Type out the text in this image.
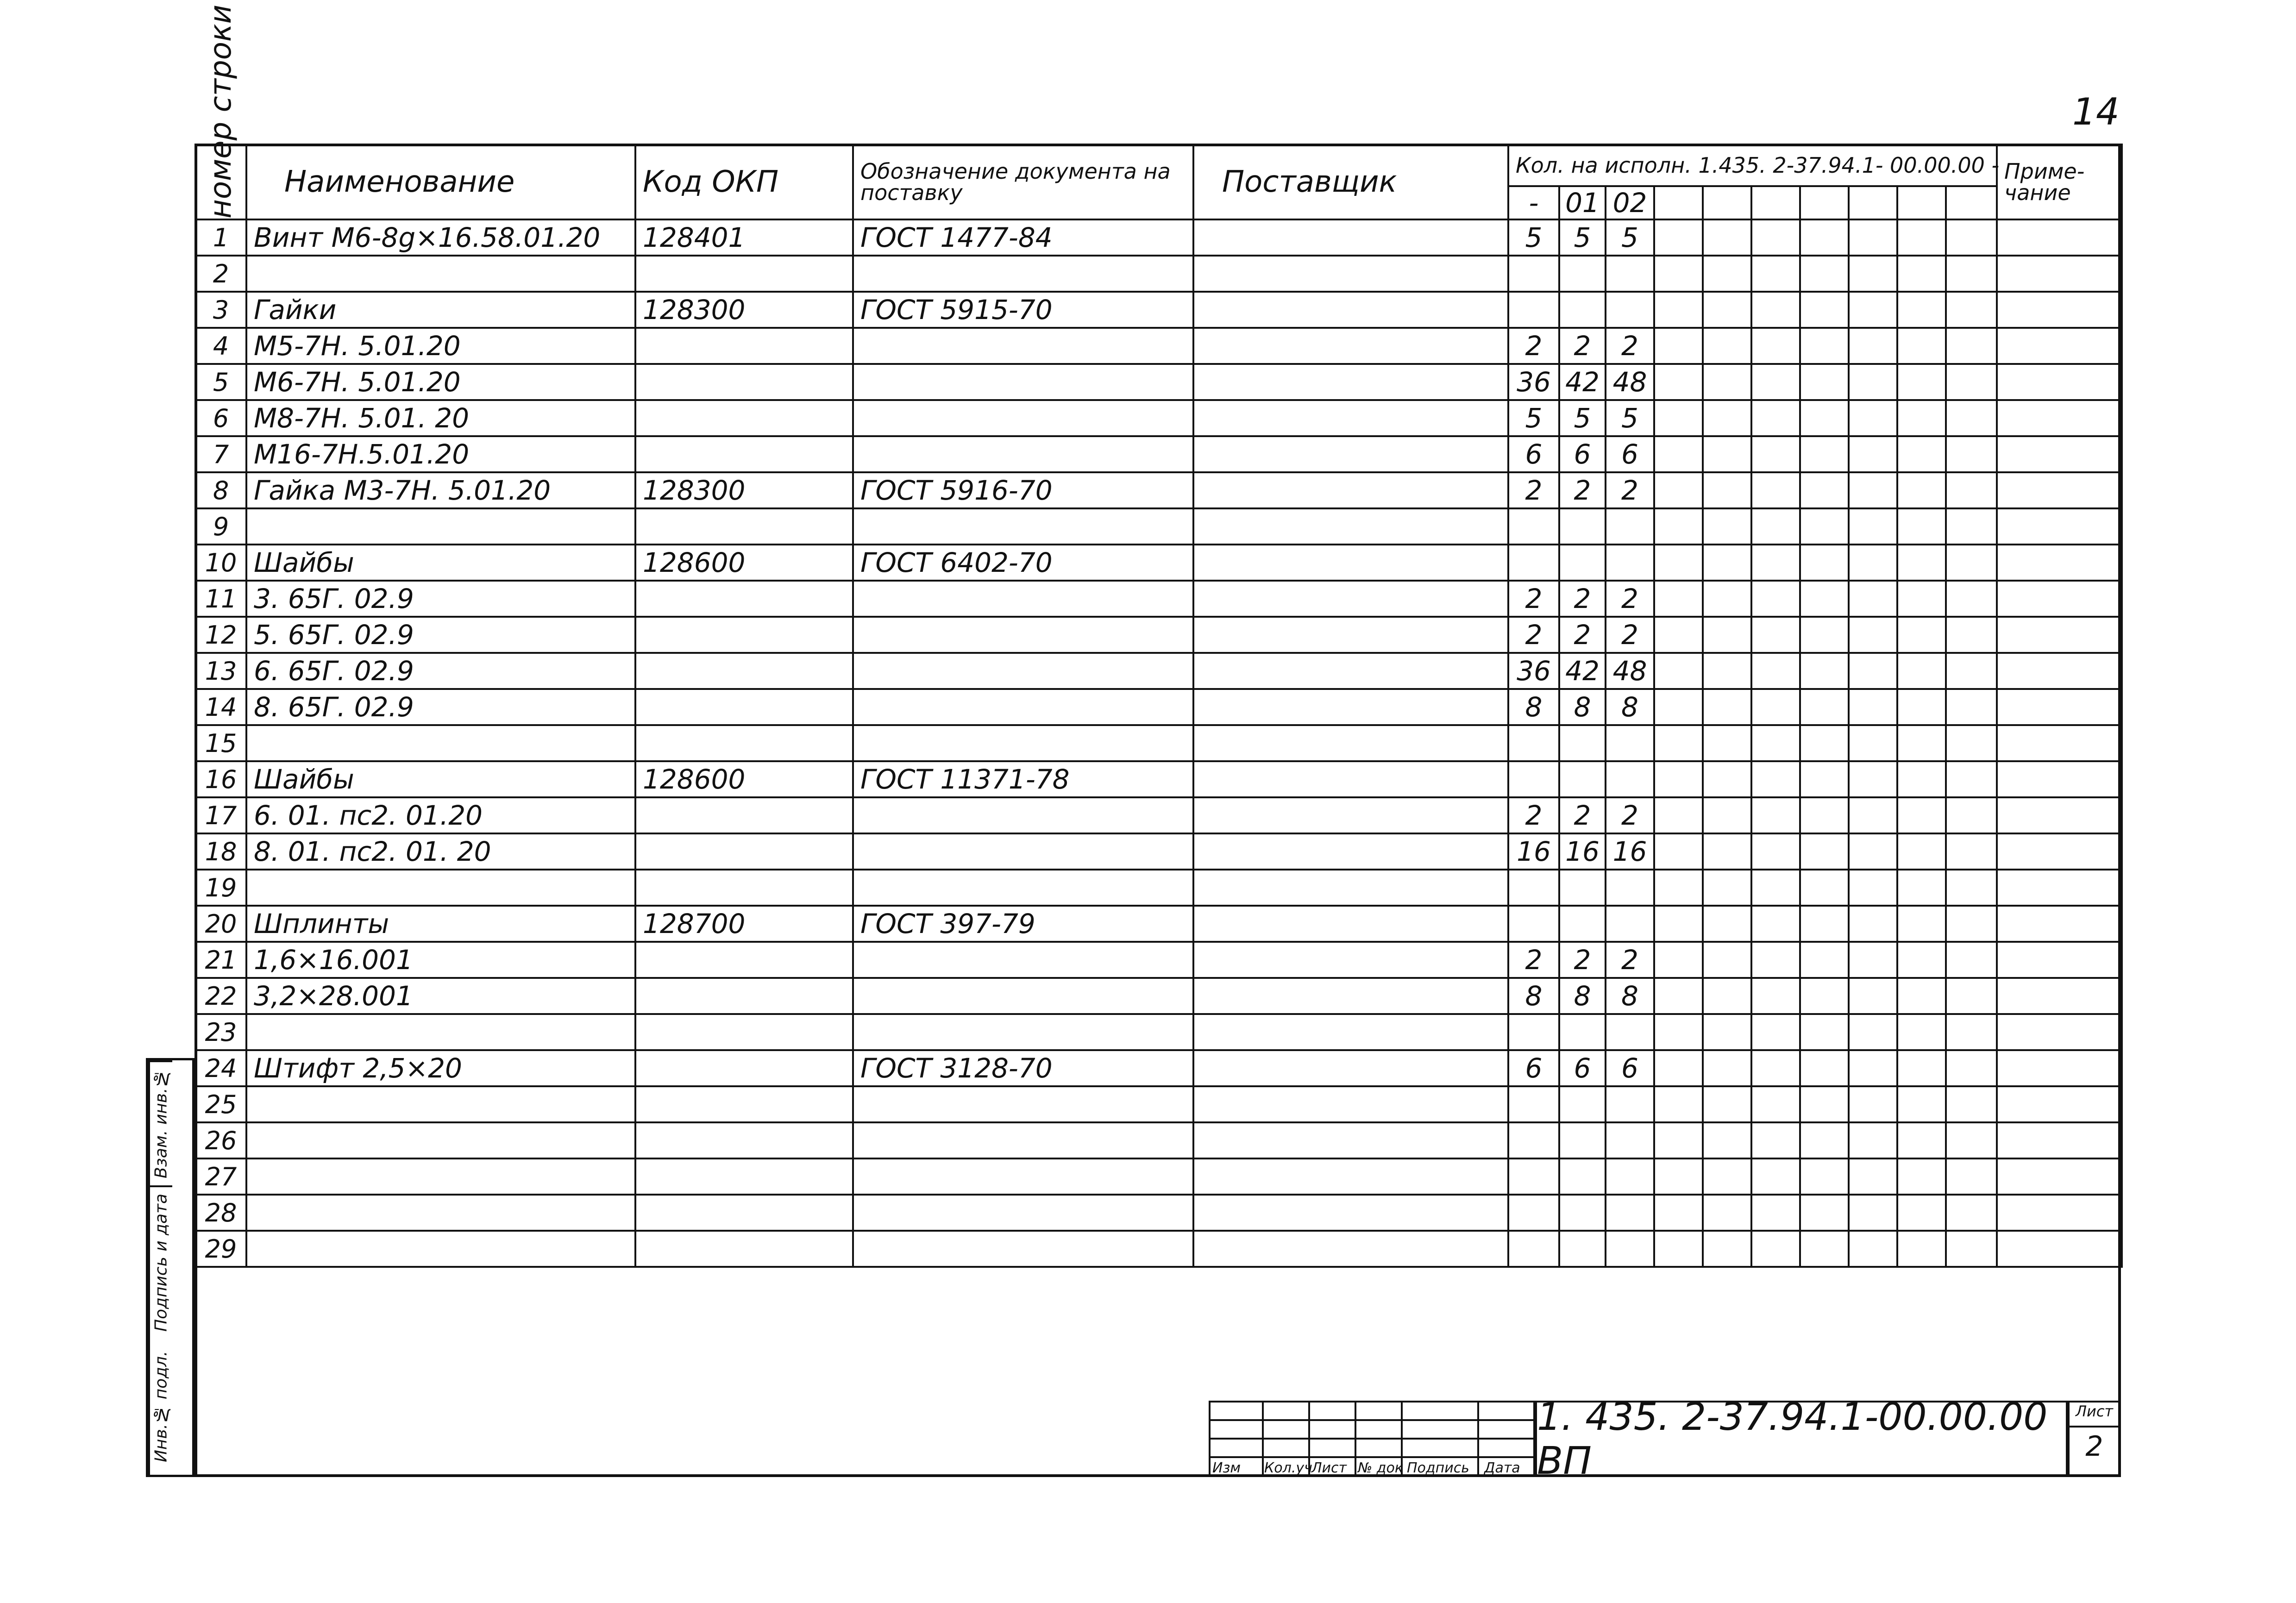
14
номер строки	Наименование	Код ОКП	Обозначение документа на поставку	Поставщик	Кол. на исполн. 1.435. 2-37.94.1- 00.00.00 -										Приме- чание
					-	01	02								
1	Винт М6-8g×16.58.01.20	128401	ГОСТ 1477-84		5	5	5								
2															
3	Гайки	128300	ГОСТ 5915-70												
4	М5-7Н. 5.01.20				2	2	2								
5	М6-7Н. 5.01.20				36	42	48								
6	М8-7Н. 5.01. 20				5	5	5								
7	М16-7Н.5.01.20				6	6	6								
8	Гайка М3-7Н. 5.01.20	128300	ГОСТ 5916-70		2	2	2								
9															
10	Шайбы	128600	ГОСТ 6402-70												
11	3. 65Г. 02.9				2	2	2								
12	5. 65Г. 02.9				2	2	2								
13	6. 65Г. 02.9				36	42	48								
14	8. 65Г. 02.9				8	8	8								
15															
16	Шайбы	128600	ГОСТ 11371-78												
17	6. 01. пс2. 01.20				2	2	2								
18	8. 01. пс2. 01. 20				16	16	16								
19															
20	Шплинты	128700	ГОСТ 397-79												
21	1,6×16.001				2	2	2								
22	3,2×28.001				8	8	8								
23															
24	Штифт 2,5×20		ГОСТ 3128-70		6	6	6								
25															
26															
27															
28															
29															
Взам. инв.№
Подпись и дата
Инв.№ подл.
Изм Кол.уч
Лист № док Подпись Дата
1. 435. 2-37.94.1-00.00.00 ВП
Лист
2
